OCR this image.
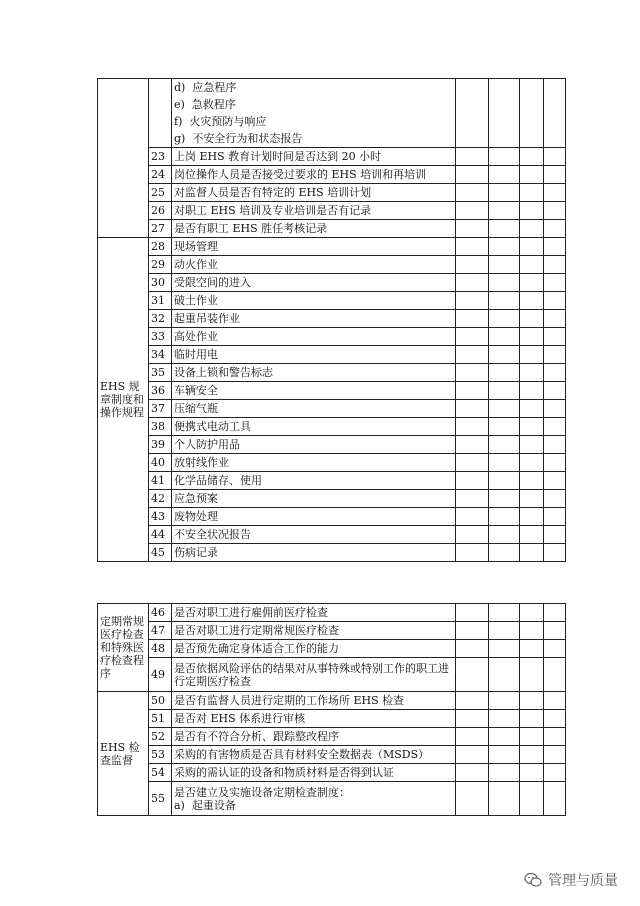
		d)  应急程序
e)  急救程序
f)  火灾预防与响应
g)  不安全行为和状态报告				

	23	上岗 EHS 教育计划时间是否达到 20 小时				
	24	岗位操作人员是否接受过要求的 EHS 培训和再培训				
	25	对监督人员是否有特定的 EHS 培训计划				
	26	对职工 EHS 培训及专业培训是否有记录				
	27	是否有职工 EHS 胜任考核记录				
EHS 规章制度和操作规程	28	现场管理				
	29	动火作业				
	30	受限空间的进入				
	31	破土作业				
	32	起重吊装作业				
	33	高处作业				
	34	临时用电				
	35	设备上锁和警告标志				
	36	车辆安全				
	37	压缩气瓶				
	38	便携式电动工具				
	39	个人防护用品				
	40	放射线作业				
	41	化学品储存、使用				
	42	应急预案				
	43	废物处理				
	44	不安全状况报告				
	45	伤病记录				
定期常规医疗检查和特殊医疗检查程序	46	是否对职工进行雇佣前医疗检查				
	47	是否对职工进行定期常规医疗检查				
	48	是否预先确定身体适合工作的能力				
	49	是否依据风险评估的结果对从事特殊或特别工作的职工进行定期医疗检查				
EHS 检查监督	50	是否有监督人员进行定期的工作场所 EHS 检查				
	51	是否对 EHS 体系进行审核				
	52	是否有不符合分析、跟踪整改程序				
	53	采购的有害物质是否具有材料安全数据表（MSDS）				
	54	采购的需认证的设备和物质材料是否得到认证				
	55	是否建立及实施设备定期检查制度：
a)  起重设备				

管理与质量
